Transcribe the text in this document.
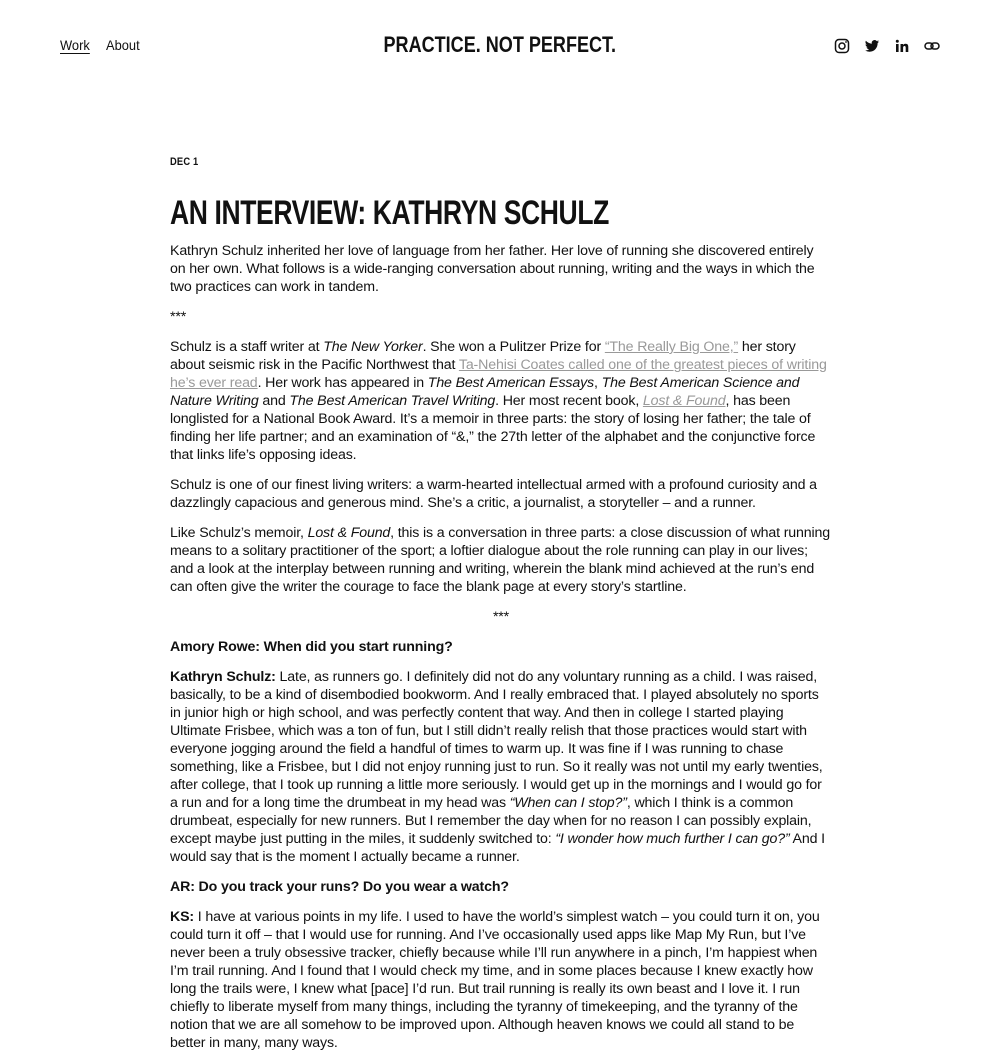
Work About	PRACTICE. NOT PERFECT.
DEC 1
AN INTERVIEW: KATHRYN SCHULZ

Kathryn Schulz inherited her love of language from her father. Her love of running she discovered entirely on her own. What follows is a wide-ranging conversation about running, writing and the ways in which the two practices can work in tandem.

***

Schulz is a staff writer at The New Yorker. She won a Pulitzer Prize for “The Really Big One,” her story about seismic risk in the Pacific Northwest that Ta-Nehisi Coates called one of the greatest pieces of writing he’s ever read. Her work has appeared in The Best American Essays, The Best American Science and Nature Writing and The Best American Travel Writing. Her most recent book, Lost & Found, has been longlisted for a National Book Award. It’s a memoir in three parts: the story of losing her father; the tale of finding her life partner; and an examination of “&,” the 27th letter of the alphabet and the conjunctive force that links life’s opposing ideas.

Schulz is one of our finest living writers: a warm-hearted intellectual armed with a profound curiosity and a dazzlingly capacious and generous mind. She’s a critic, a journalist, a storyteller – and a runner.

Like Schulz’s memoir, Lost & Found, this is a conversation in three parts: a close discussion of what running means to a solitary practitioner of the sport; a loftier dialogue about the role running can play in our lives; and a look at the interplay between running and writing, wherein the blank mind achieved at the run’s end can often give the writer the courage to face the blank page at every story’s startline.

***

Amory Rowe: When did you start running?

Kathryn Schulz: Late, as runners go. I definitely did not do any voluntary running as a child. I was raised, basically, to be a kind of disembodied bookworm. And I really embraced that. I played absolutely no sports in junior high or high school, and was perfectly content that way. And then in college I started playing Ultimate Frisbee, which was a ton of fun, but I still didn’t really relish that those practices would start with everyone jogging around the field a handful of times to warm up. It was fine if I was running to chase something, like a Frisbee, but I did not enjoy running just to run. So it really was not until my early twenties, after college, that I took up running a little more seriously. I would get up in the mornings and I would go for a run and for a long time the drumbeat in my head was “When can I stop?”, which I think is a common drumbeat, especially for new runners. But I remember the day when for no reason I can possibly explain, except maybe just putting in the miles, it suddenly switched to: “I wonder how much further I can go?” And I would say that is the moment I actually became a runner.

AR: Do you track your runs? Do you wear a watch?

KS: I have at various points in my life. I used to have the world’s simplest watch – you could turn it on, you could turn it off – that I would use for running. And I’ve occasionally used apps like Map My Run, but I’ve never been a truly obsessive tracker, chiefly because while I’ll run anywhere in a pinch, I’m happiest when I’m trail running. And I found that I would check my time, and in some places because I knew exactly how long the trails were, I knew what [pace] I’d run. But trail running is really its own beast and I love it. I run chiefly to liberate myself from many things, including the tyranny of timekeeping, and the tyranny of the notion that we are all somehow to be improved upon. Although heaven knows we could all stand to be better in many, many ways.
